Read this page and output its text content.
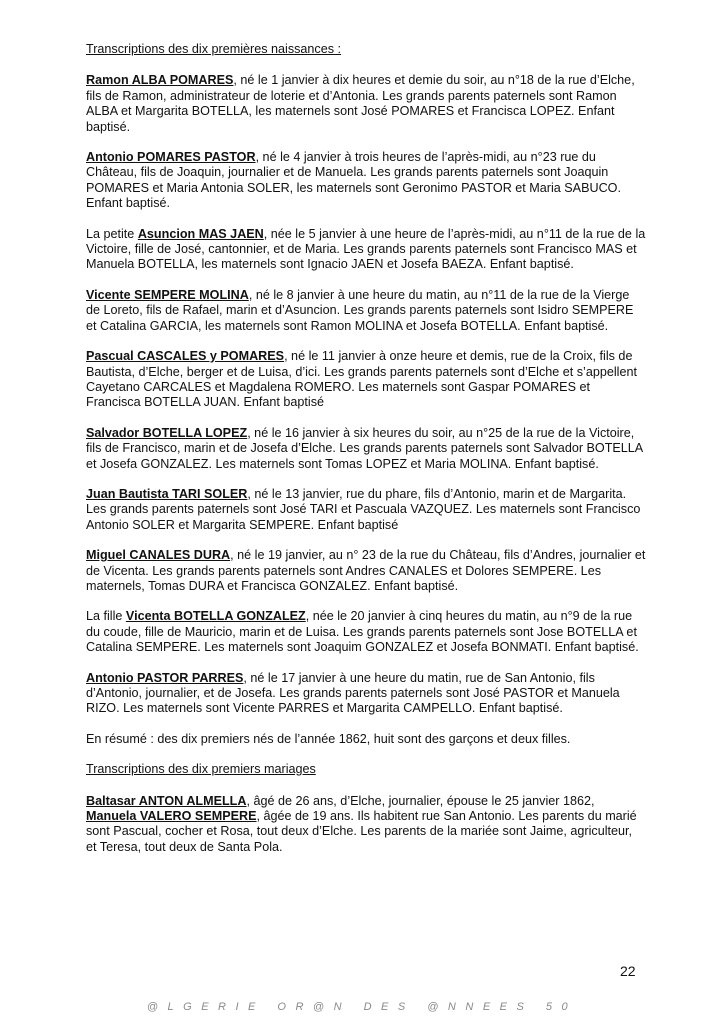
Transcriptions des dix premières naissances :

Ramon ALBA POMARES, né le 1 janvier à dix heures et demie du soir, au n°18 de la rue d’Elche, fils de Ramon, administrateur de loterie et d’Antonia. Les grands parents paternels sont Ramon ALBA et Margarita BOTELLA, les maternels sont José POMARES et Francisca LOPEZ. Enfant baptisé.

Antonio POMARES PASTOR, né le 4 janvier à trois heures de l’après-midi, au n°23 rue du Château, fils de Joaquin, journalier et de Manuela. Les grands parents paternels sont Joaquin POMARES et Maria Antonia SOLER, les maternels sont Geronimo PASTOR et Maria SABUCO. Enfant baptisé.

La petite Asuncion MAS JAEN, née le 5 janvier à une heure de l’après-midi, au n°11 de la rue de la Victoire, fille de José, cantonnier, et de Maria. Les grands parents paternels sont Francisco MAS et Manuela BOTELLA, les maternels sont Ignacio JAEN et Josefa BAEZA. Enfant baptisé.

Vicente SEMPERE MOLINA, né le 8 janvier à une heure du matin, au n°11 de la rue de la Vierge de Loreto, fils de Rafael, marin et d’Asuncion. Les grands parents paternels sont Isidro SEMPERE et Catalina GARCIA, les maternels sont Ramon MOLINA et Josefa BOTELLA. Enfant baptisé.

Pascual CASCALES y POMARES, né le 11 janvier à onze heure et demis, rue de la Croix, fils de Bautista, d’Elche, berger et de Luisa, d’ici. Les grands parents paternels sont d’Elche et s’appellent Cayetano CARCALES et Magdalena ROMERO. Les maternels sont Gaspar POMARES et Francisca BOTELLA JUAN. Enfant baptisé

Salvador BOTELLA LOPEZ, né le 16 janvier à six heures du soir, au n°25 de la rue de la Victoire, fils de Francisco, marin et de Josefa d’Elche. Les grands parents paternels sont Salvador BOTELLA et Josefa GONZALEZ. Les maternels sont Tomas LOPEZ et Maria MOLINA. Enfant baptisé.

Juan Bautista TARI SOLER, né le 13 janvier, rue du phare, fils d’Antonio, marin et de Margarita. Les grands parents paternels sont José TARI et Pascuala VAZQUEZ. Les maternels sont Francisco Antonio SOLER et Margarita SEMPERE. Enfant baptisé

Miguel CANALES DURA, né le 19 janvier, au n° 23 de la rue du Château, fils d’Andres, journalier et de Vicenta. Les grands parents paternels sont Andres CANALES et Dolores SEMPERE. Les maternels, Tomas DURA et Francisca GONZALEZ. Enfant baptisé.

La fille Vicenta BOTELLA GONZALEZ, née le 20 janvier à cinq heures du matin, au n°9 de la rue du coude, fille de Mauricio, marin et de Luisa. Les grands parents paternels sont Jose BOTELLA et Catalina SEMPERE. Les maternels sont Joaquim GONZALEZ et Josefa BONMATI. Enfant baptisé.

Antonio PASTOR PARRES, né le 17 janvier à une heure du matin, rue de San Antonio, fils d’Antonio, journalier, et de Josefa. Les grands parents paternels sont José PASTOR et Manuela RIZO. Les maternels sont Vicente PARRES et Margarita CAMPELLO. Enfant baptisé.

En résumé : des dix premiers nés de l’année 1862, huit sont des garçons et deux filles.

Transcriptions des dix premiers mariages

Baltasar ANTON ALMELLA, âgé de 26 ans, d’Elche, journalier, épouse le 25 janvier 1862,
Manuela VALERO SEMPERE, âgée de 19 ans. Ils habitent rue San Antonio. Les parents du marié sont Pascual, cocher et Rosa, tout deux d’Elche. Les parents de la mariée sont Jaime, agriculteur, et Teresa, tout deux de Santa Pola.

22
@LGERIE OR@N DES @NNEES 50
